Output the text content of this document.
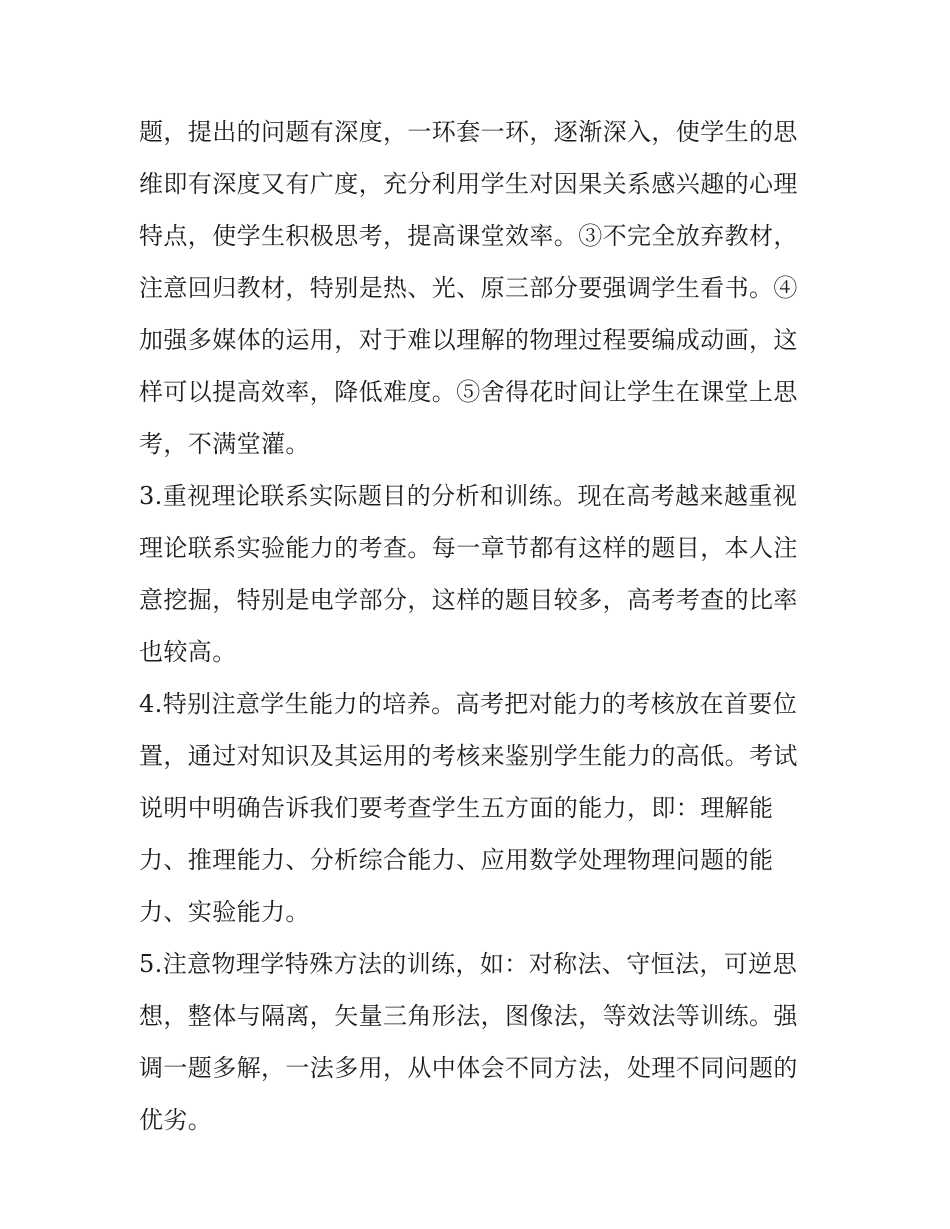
题，提出的问题有深度，一环套一环，逐渐深入，使学生的思
维即有深度又有广度，充分利用学生对因果关系感兴趣的心理
特点，使学生积极思考，提高课堂效率。③不完全放弃教材，
注意回归教材，特别是热、光、原三部分要强调学生看书。④
加强多媒体的运用，对于难以理解的物理过程要编成动画，这
样可以提高效率，降低难度。⑤舍得花时间让学生在课堂上思
考，不满堂灌。
3.重视理论联系实际题目的分析和训练。现在高考越来越重视
理论联系实验能力的考查。每一章节都有这样的题目，本人注
意挖掘，特别是电学部分，这样的题目较多，高考考查的比率
也较高。
4.特别注意学生能力的培养。高考把对能力的考核放在首要位
置，通过对知识及其运用的考核来鉴别学生能力的高低。考试
说明中明确告诉我们要考查学生五方面的能力，即：理解能
力、推理能力、分析综合能力、应用数学处理物理问题的能
力、实验能力。
5.注意物理学特殊方法的训练，如：对称法、守恒法，可逆思
想，整体与隔离，矢量三角形法，图像法，等效法等训练。强
调一题多解，一法多用，从中体会不同方法，处理不同问题的
优劣。
